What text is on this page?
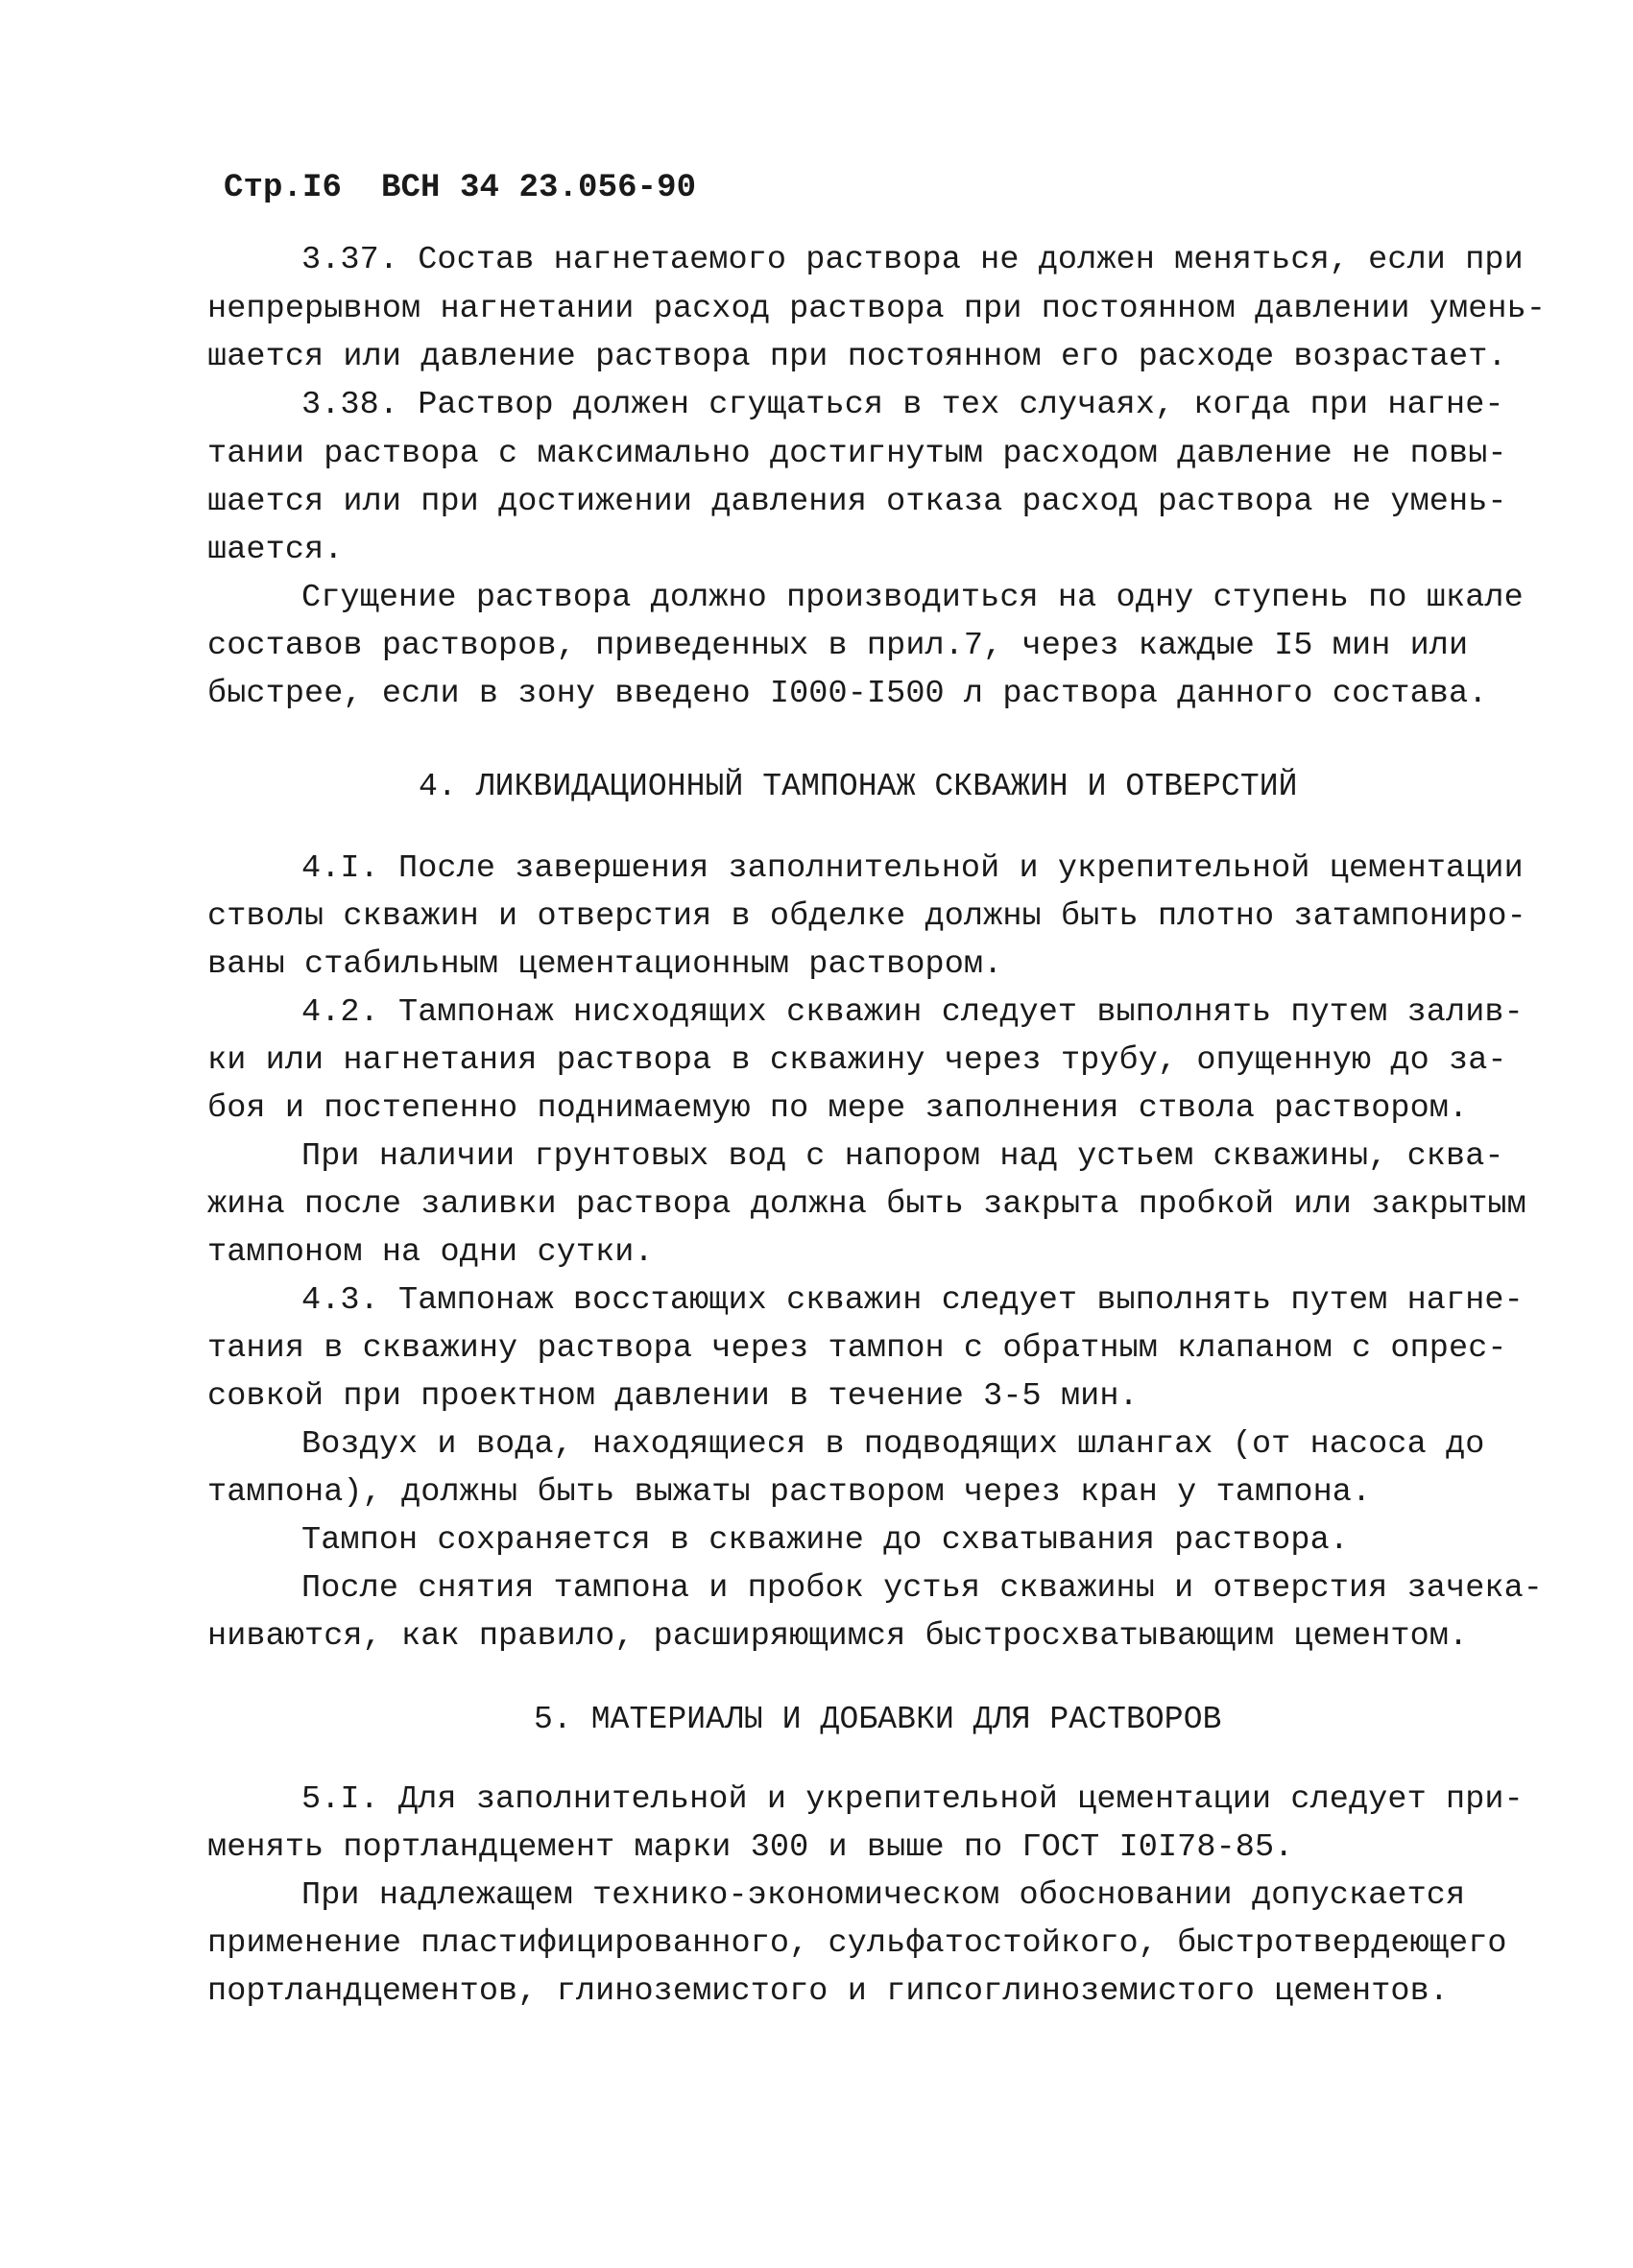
Стр.I6  ВСН 34 23.056-90
3.37. Состав нагнетаемого раствора не должен меняться, если при
непрерывном нагнетании расход раствора при постоянном давлении умень-
шается или давление раствора при постоянном его расходе возрастает.
3.38. Раствор должен сгущаться в тех случаях, когда при нагне-
тании раствора с максимально достигнутым расходом давление не повы-
шается или при достижении давления отказа расход раствора не умень-
шается.
Сгущение раствора должно производиться на одну ступень по шкале
составов растворов, приведенных в прил.7, через каждые I5 мин или
быстрее, если в зону введено I000-I500 л раствора данного состава.
4. ЛИКВИДАЦИОННЫЙ ТАМПОНАЖ СКВАЖИН И ОТВЕРСТИЙ
4.I. После завершения заполнительной и укрепительной цементации
стволы скважин и отверстия в обделке должны быть плотно затампониро-
ваны стабильным цементационным раствором.
4.2. Тампонаж нисходящих скважин следует выполнять путем залив-
ки или нагнетания раствора в скважину через трубу, опущенную до за-
боя и постепенно поднимаемую по мере заполнения ствола раствором.
При наличии грунтовых вод с напором над устьем скважины, сква-
жина после заливки раствора должна быть закрыта пробкой или закрытым
тампоном на одни сутки.
4.3. Тампонаж восстающих скважин следует выполнять путем нагне-
тания в скважину раствора через тампон с обратным клапаном с опрес-
совкой при проектном давлении в течение 3-5 мин.
Воздух и вода, находящиеся в подводящих шлангах (от насоса до
тампона), должны быть выжаты раствором через кран у тампона.
Тампон сохраняется в скважине до схватывания раствора.
После снятия тампона и пробок устья скважины и отверстия зачека-
ниваются, как правило, расширяющимся быстросхватывающим цементом.
5. МАТЕРИАЛЫ И ДОБАВКИ ДЛЯ РАСТВОРОВ
5.I. Для заполнительной и укрепительной цементации следует при-
менять портландцемент марки 300 и выше по ГОСТ I0I78-85.
При надлежащем технико-экономическом обосновании допускается
применение пластифицированного, сульфатостойкого, быстротвердеющего
портландцементов, глиноземистого и гипсоглиноземистого цементов.
